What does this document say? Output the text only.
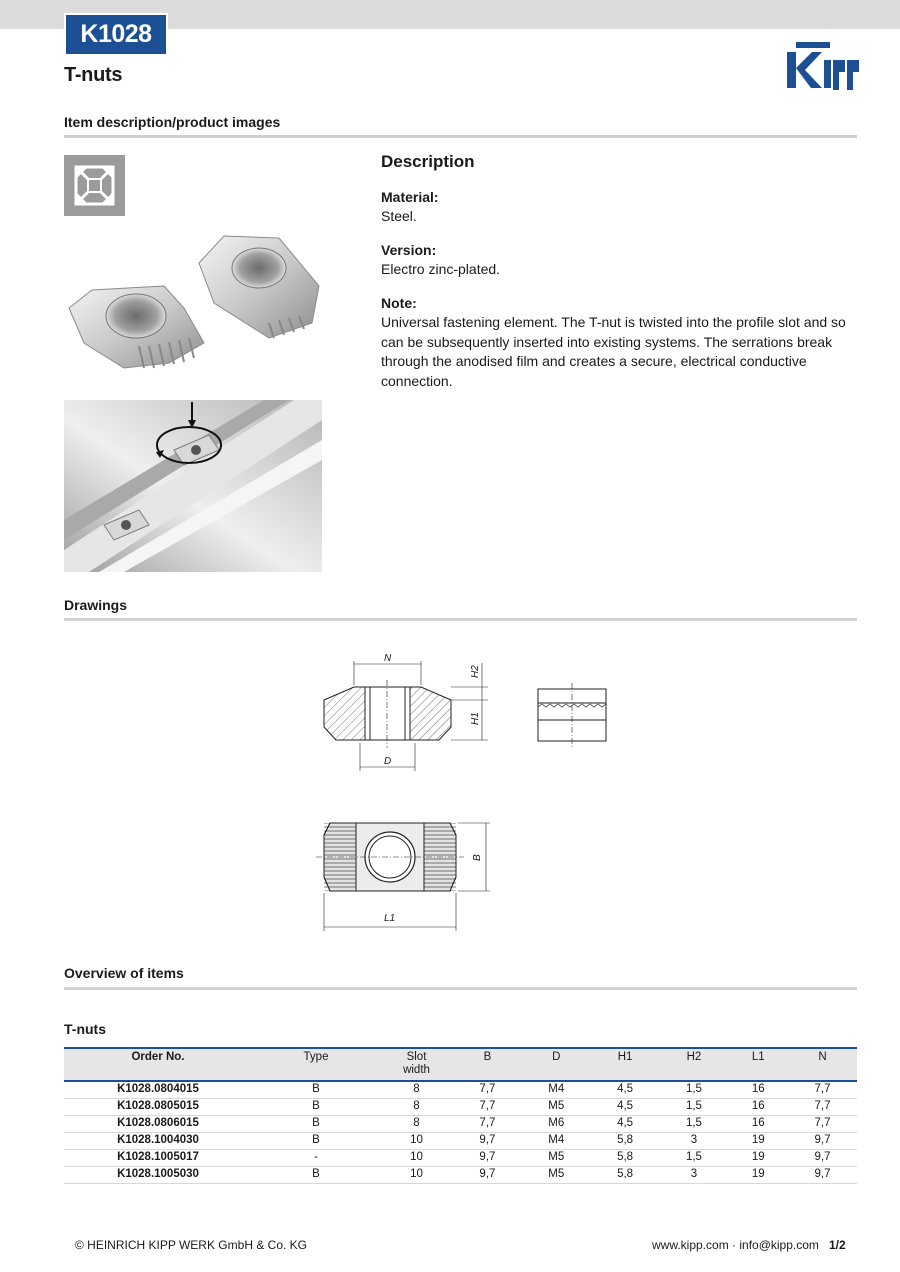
K1028
T-nuts
Item description/product images
Description
Material:

Steel.

Version:

Electro zinc-plated.

Note:

Universal fastening element. The T-nut is twisted into the profile slot and so can be subsequently inserted into existing systems. The serrations break through the anodised film and creates a secure, electrical conductive connection.

Drawings
N
D
H2
H1
B
L1
Overview of items
T-nuts
Order No.	Type	Slot
width	B	D	H1	H2	L1	N
K1028.0804015	B	8	7,7	M4	4,5	1,5	16	7,7
K1028.0805015	B	8	7,7	M5	4,5	1,5	16	7,7
K1028.0806015	B	8	7,7	M6	4,5	1,5	16	7,7
K1028.1004030	B	10	9,7	M4	5,8	3	19	9,7
K1028.1005017	-	10	9,7	M5	5,8	1,5	19	9,7
K1028.1005030	B	10	9,7	M5	5,8	3	19	9,7
© HEINRICH KIPP WERK GmbH & Co. KG	www.kipp.com · info@kipp.com 1/2
